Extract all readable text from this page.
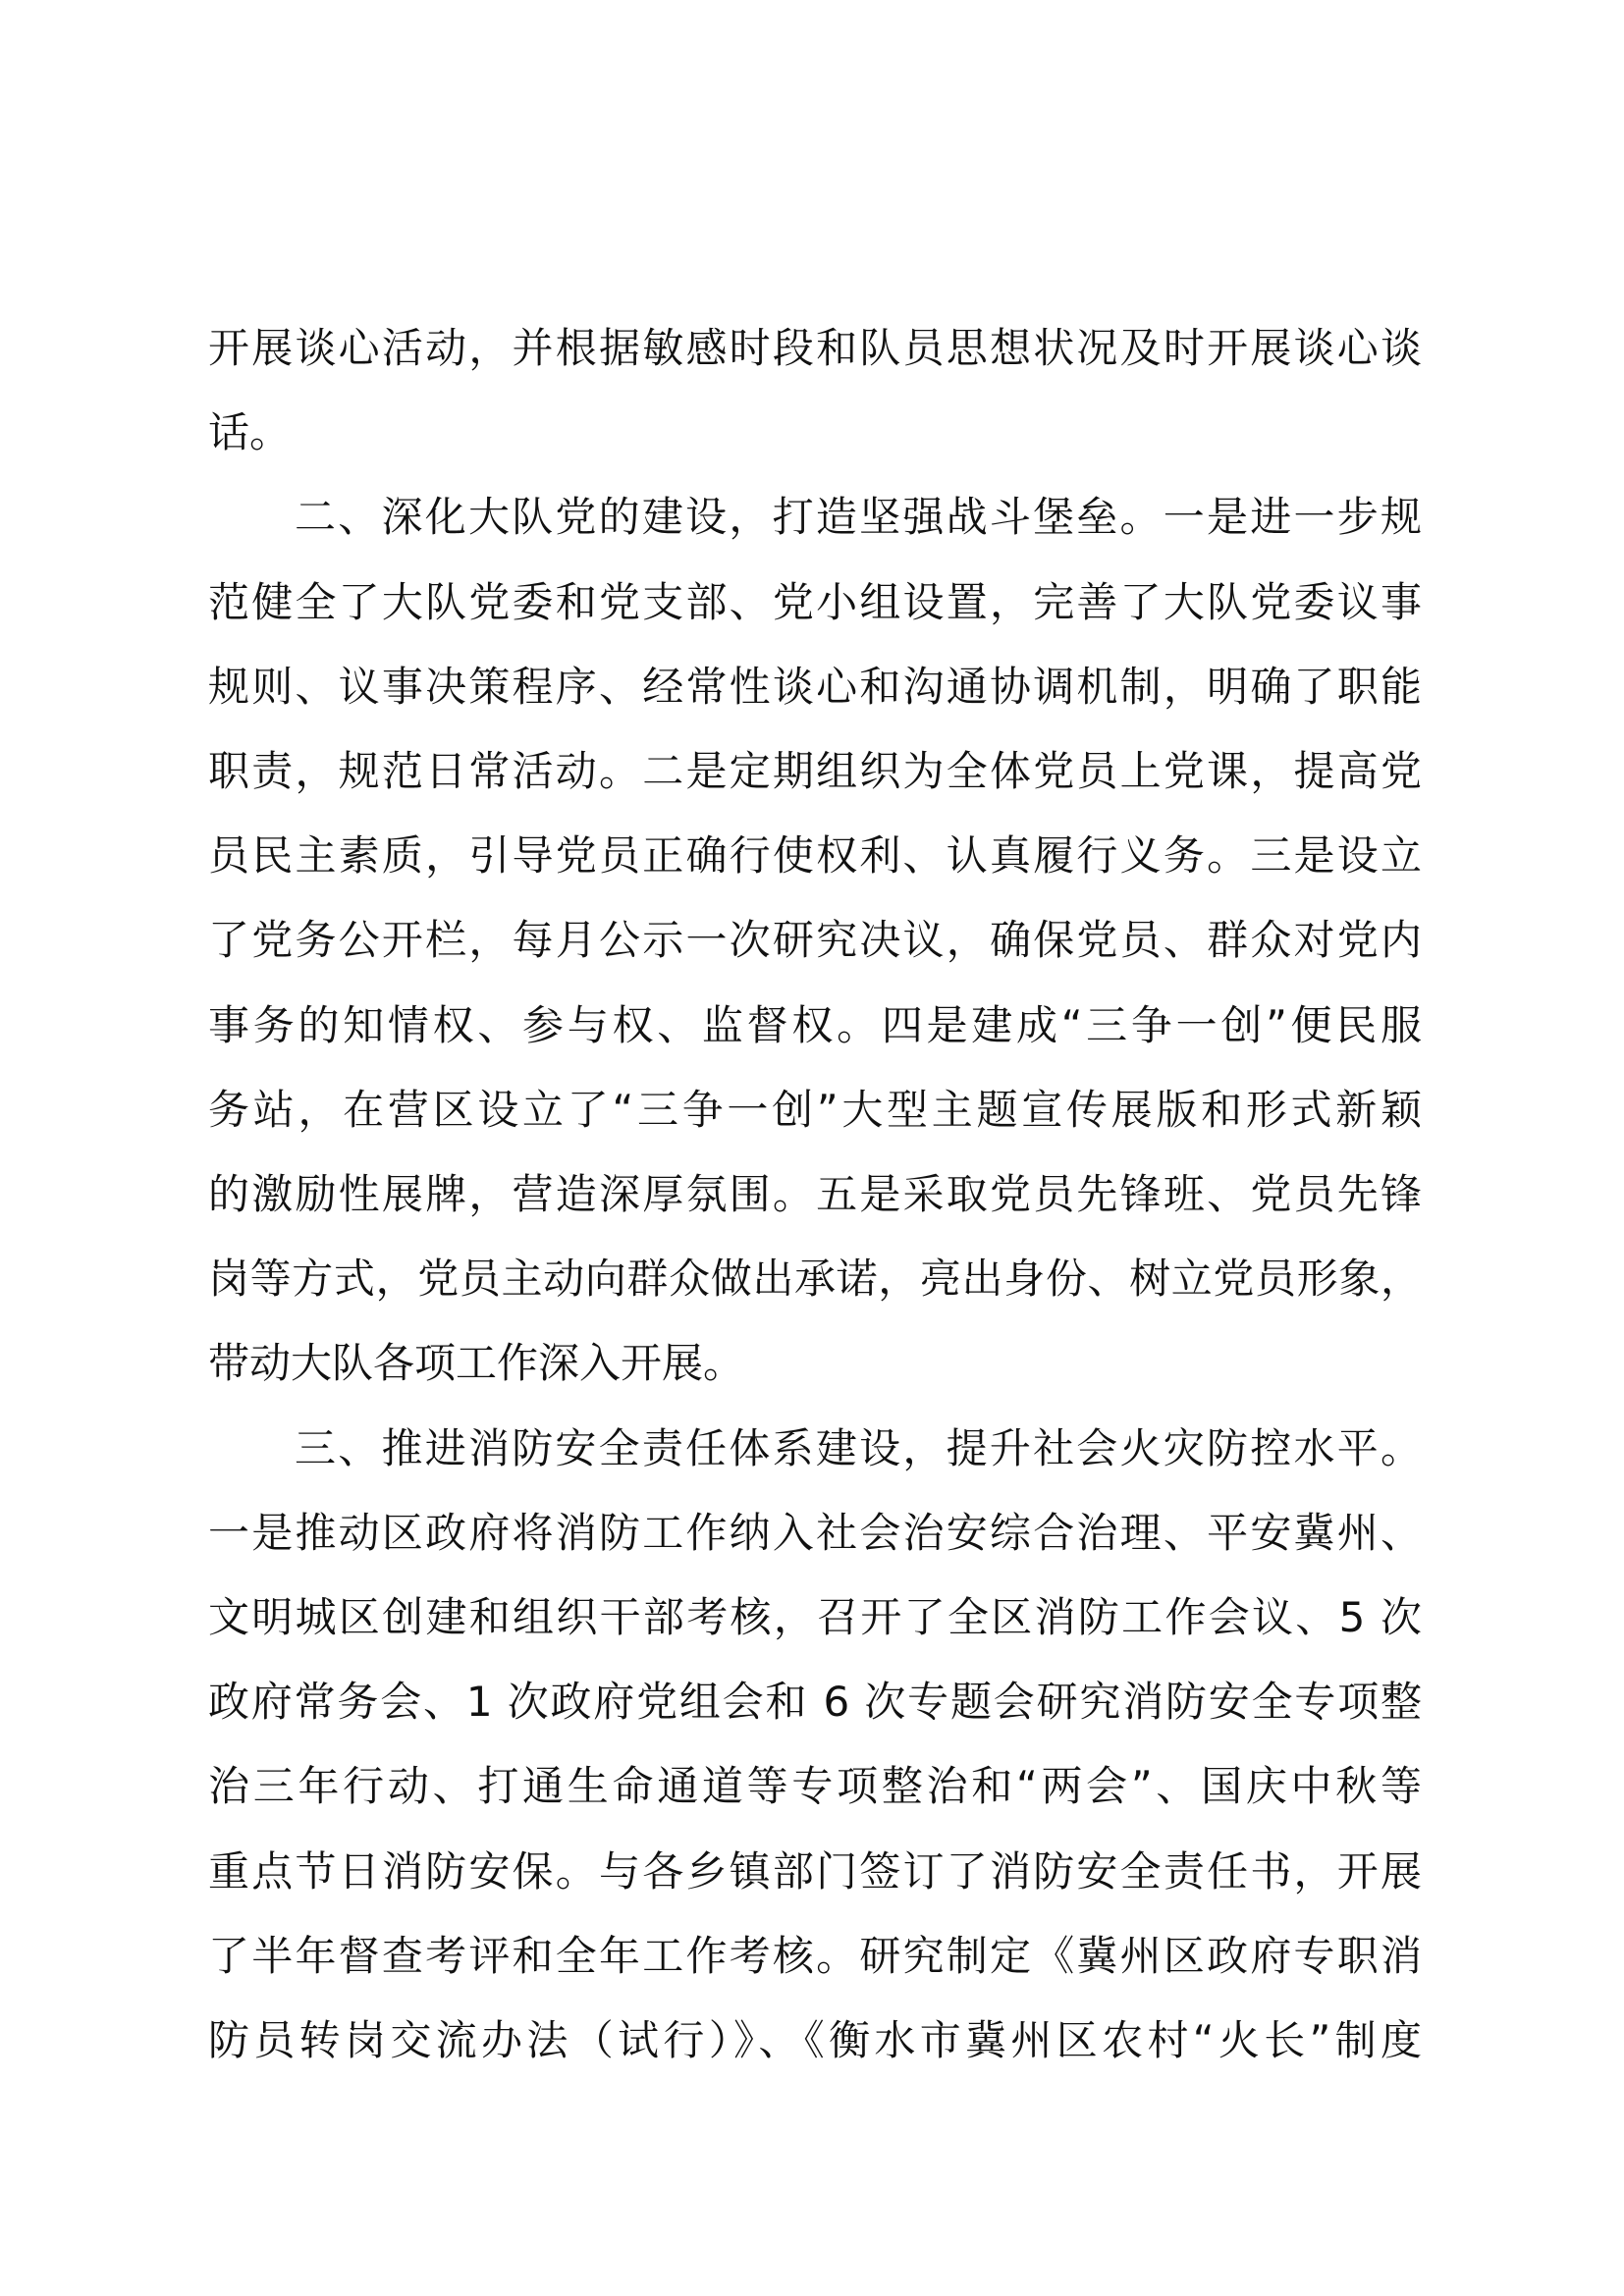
开展谈心活动，并根据敏感时段和队员思想状况及时开展谈心谈
话。
二、深化大队党的建设，打造坚强战斗堡垒。一是进一步规
范健全了大队党委和党支部、党小组设置，完善了大队党委议事
规则、议事决策程序、经常性谈心和沟通协调机制，明确了职能
职责，规范日常活动。二是定期组织为全体党员上党课，提高党
员民主素质，引导党员正确行使权利、认真履行义务。三是设立
了党务公开栏，每月公示一次研究决议，确保党员、群众对党内
事务的知情权、参与权、监督权。四是建成“三争一创”便民服
务站，在营区设立了“三争一创”大型主题宣传展版和形式新颖
的激励性展牌，营造深厚氛围。五是采取党员先锋班、党员先锋
岗等方式，党员主动向群众做出承诺，亮出身份、树立党员形象，
带动大队各项工作深入开展。
三、推进消防安全责任体系建设，提升社会火灾防控水平。
一是推动区政府将消防工作纳入社会治安综合治理、平安冀州、
文明城区创建和组织干部考核，召开了全区消防工作会议、5 次
政府常务会、1 次政府党组会和 6 次专题会研究消防安全专项整
治三年行动、打通生命通道等专项整治和“两会”、国庆中秋等
重点节日消防安保。与各乡镇部门签订了消防安全责任书，开展
了半年督查考评和全年工作考核。研究制定《冀州区政府专职消
防员转岗交流办法（试行）》、《衡水市冀州区农村“火长”制度
